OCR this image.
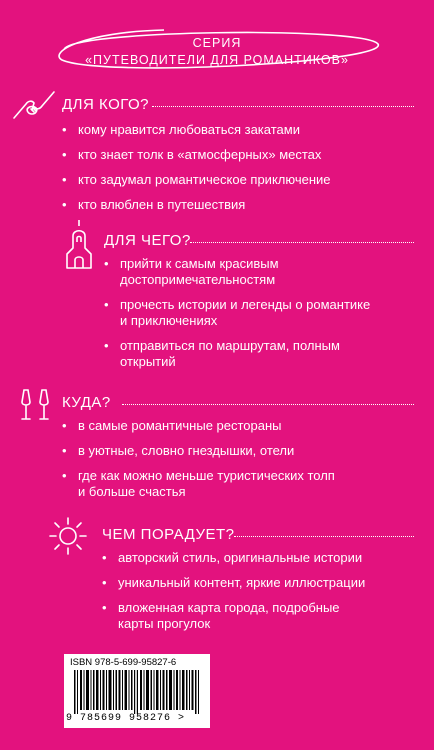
СЕРИЯ
«ПУТЕВОДИТЕЛИ ДЛЯ РОМАНТИКОВ»
ДЛЯ КОГО?
• кому нравится любоваться закатами
• кто знает толк в «атмосферных» местах
• кто задумал романтическое приключение
• кто влюблен в путешествия
ДЛЯ ЧЕГО?
• прийти к самым красивым
достопримечательностям
• прочесть истории и легенды о романтике
и приключениях
• отправиться по маршрутам, полным
открытий
КУДА?
• в самые романтичные рестораны
• в уютные, словно гнездышки, отели
• где как можно меньше туристических толп
и больше счастья
ЧЕМ ПОРАДУЕТ?
• авторский стиль, оригинальные истории
• уникальный контент, яркие иллюстрации
• вложенная карта города, подробные
карты прогулок
ISBN 978-5-699-95827-6
9 785699 958276 >
